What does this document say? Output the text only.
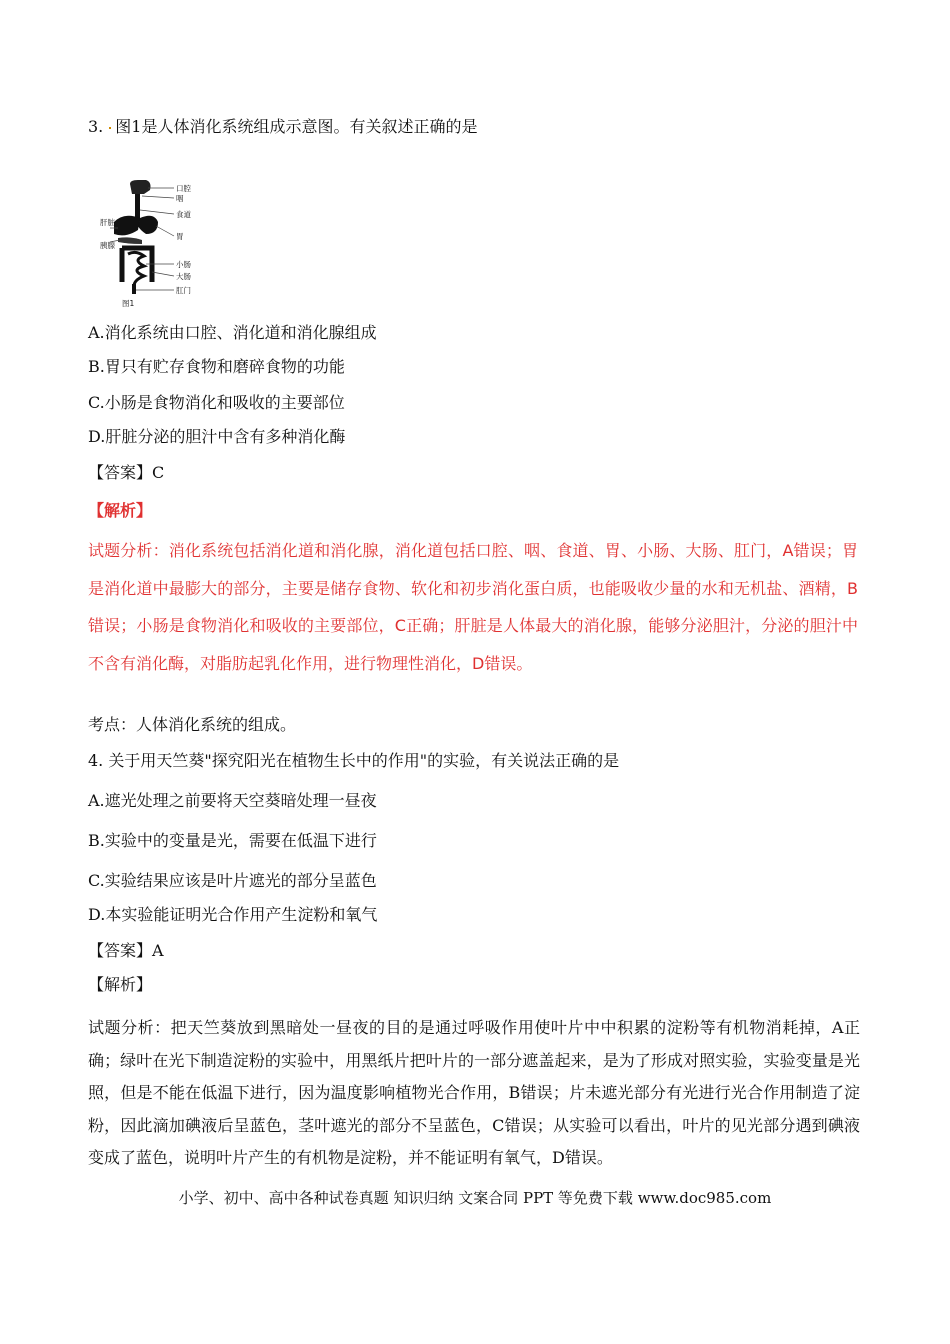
3. 图1是人体消化系统组成示意图。有关叙述正确的是
口腔
咽
食道
胃
小肠
大肠
肛门
肝脏
胰腺
图1
A.消化系统由口腔、消化道和消化腺组成
B.胃只有贮存食物和磨碎食物的功能
C.小肠是食物消化和吸收的主要部位
D.肝脏分泌的胆汁中含有多种消化酶
【答案】C
【解析】
试题分析：消化系统包括消化道和消化腺，消化道包括口腔、咽、食道、胃、小肠、大肠、肛门，A错误；胃是消化道中最膨大的部分，主要是储存食物、软化和初步消化蛋白质，也能吸收少量的水和无机盐、酒精，B错误；小肠是食物消化和吸收的主要部位，C正确；肝脏是人体最大的消化腺，能够分泌胆汁，分泌的胆汁中不含有消化酶，对脂肪起乳化作用，进行物理性消化，D错误。
考点：人体消化系统的组成。
4. 关于用天竺葵"探究阳光在植物生长中的作用"的实验，有关说法正确的是
A.遮光处理之前要将天空葵暗处理一昼夜
B.实验中的变量是光，需要在低温下进行
C.实验结果应该是叶片遮光的部分呈蓝色
D.本实验能证明光合作用产生淀粉和氧气
【答案】A
【解析】
试题分析：把天竺葵放到黑暗处一昼夜的目的是通过呼吸作用使叶片中中积累的淀粉等有机物消耗掉，A正确；绿叶在光下制造淀粉的实验中，用黑纸片把叶片的一部分遮盖起来，是为了形成对照实验，实验变量是光照，但是不能在低温下进行，因为温度影响植物光合作用，B错误；片未遮光部分有光进行光合作用制造了淀粉，因此滴加碘液后呈蓝色，茎叶遮光的部分不呈蓝色，C错误；从实验可以看出，叶片的见光部分遇到碘液变成了蓝色，说明叶片产生的有机物是淀粉，并不能证明有氧气，D错误。
小学、初中、高中各种试卷真题 知识归纳 文案合同 PPT 等免费下载 www.doc985.com
